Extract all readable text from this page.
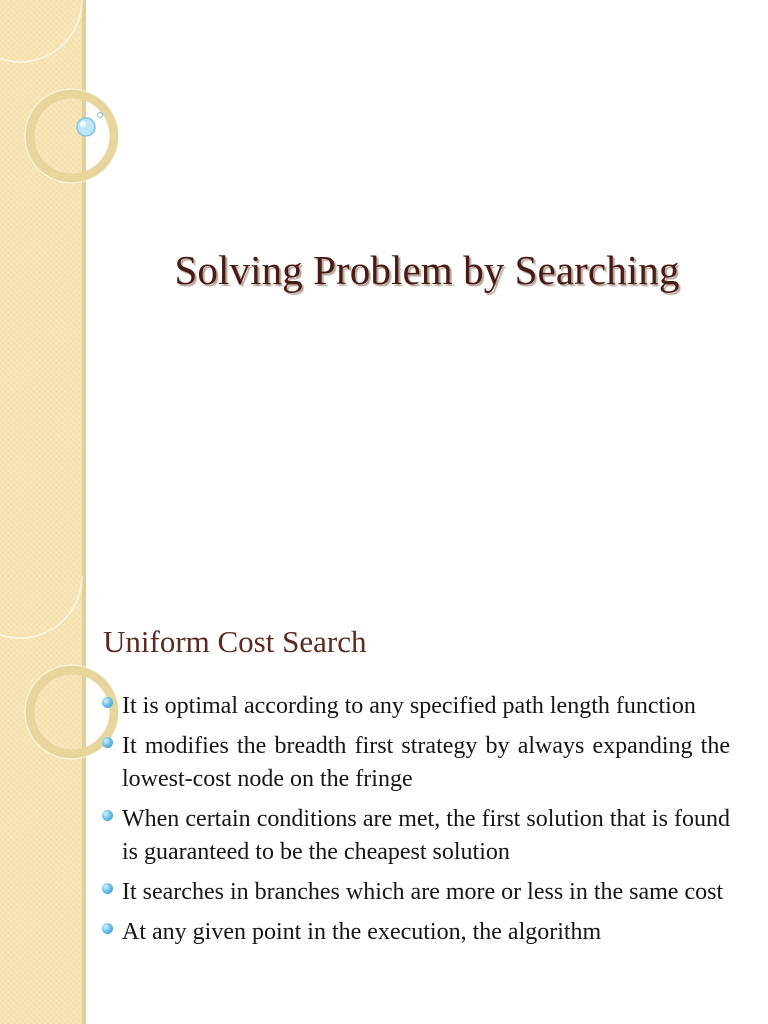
Solving Problem by Searching
Uniform Cost Search
It is optimal according to any specified path length function
It modifies the breadth first strategy by always expanding the lowest-cost node on the fringe
When certain conditions are met, the first solution that is found is guaranteed to be the cheapest solution
It searches in branches which are more or less in the same cost
At any given point in the execution, the algorithm
